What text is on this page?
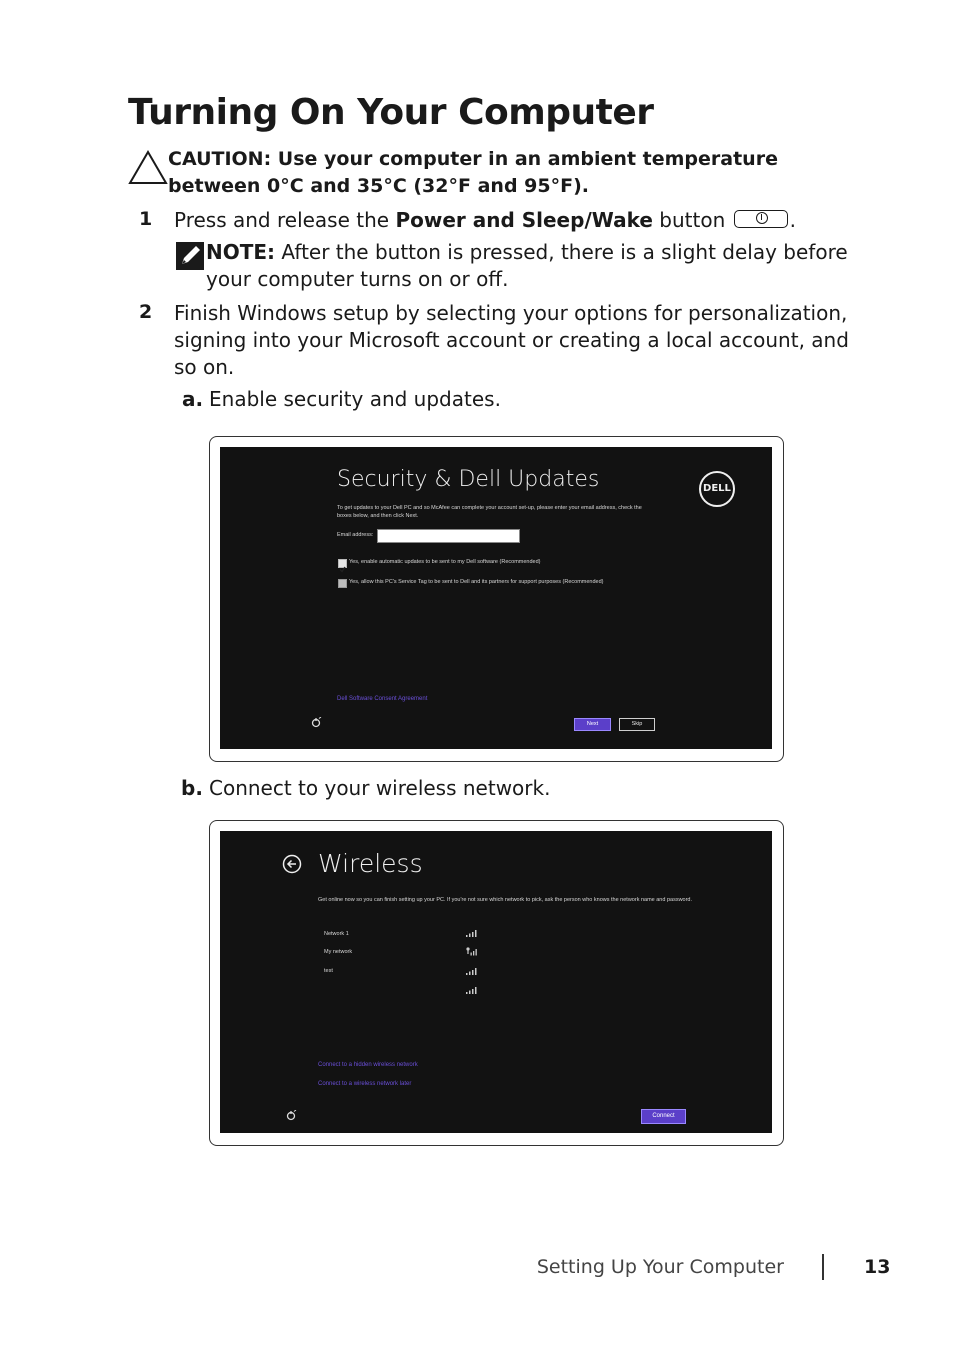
Turning On Your Computer
CAUTION: Use your computer in an ambient temperature between 0°C and 35°C (32°F and 95°F).
1 Press and release the Power and Sleep/Wake button	.
NOTE: After the button is pressed, there is a slight delay before your computer turns on or off.
2 Finish Windows setup by selecting your options for personalization, signing into your Microsoft account or creating a local account, and so on.
a. Enable security and updates.
Security & Dell Updates
To get updates to your Dell PC and so McAfee can complete your account set-up, please enter your email address, check the boxes below, and then click Next.
Email address:
Yes, enable automatic updates to be sent to my Dell software (Recommended)
Yes, allow this PC's Service Tag to be sent to Dell and its partners for support purposes (Recommended)
Dell Software Consent Agreement
Next	Skip
DELL
b. Connect to your wireless network.
Wireless
Get online now so you can finish setting up your PC. If you're not sure which network to pick, ask the person who knows the network name and password.
Network 1
My network
test
Connect to a hidden wireless network
Connect to a wireless network later
Connect
Setting Up Your Computer	13
